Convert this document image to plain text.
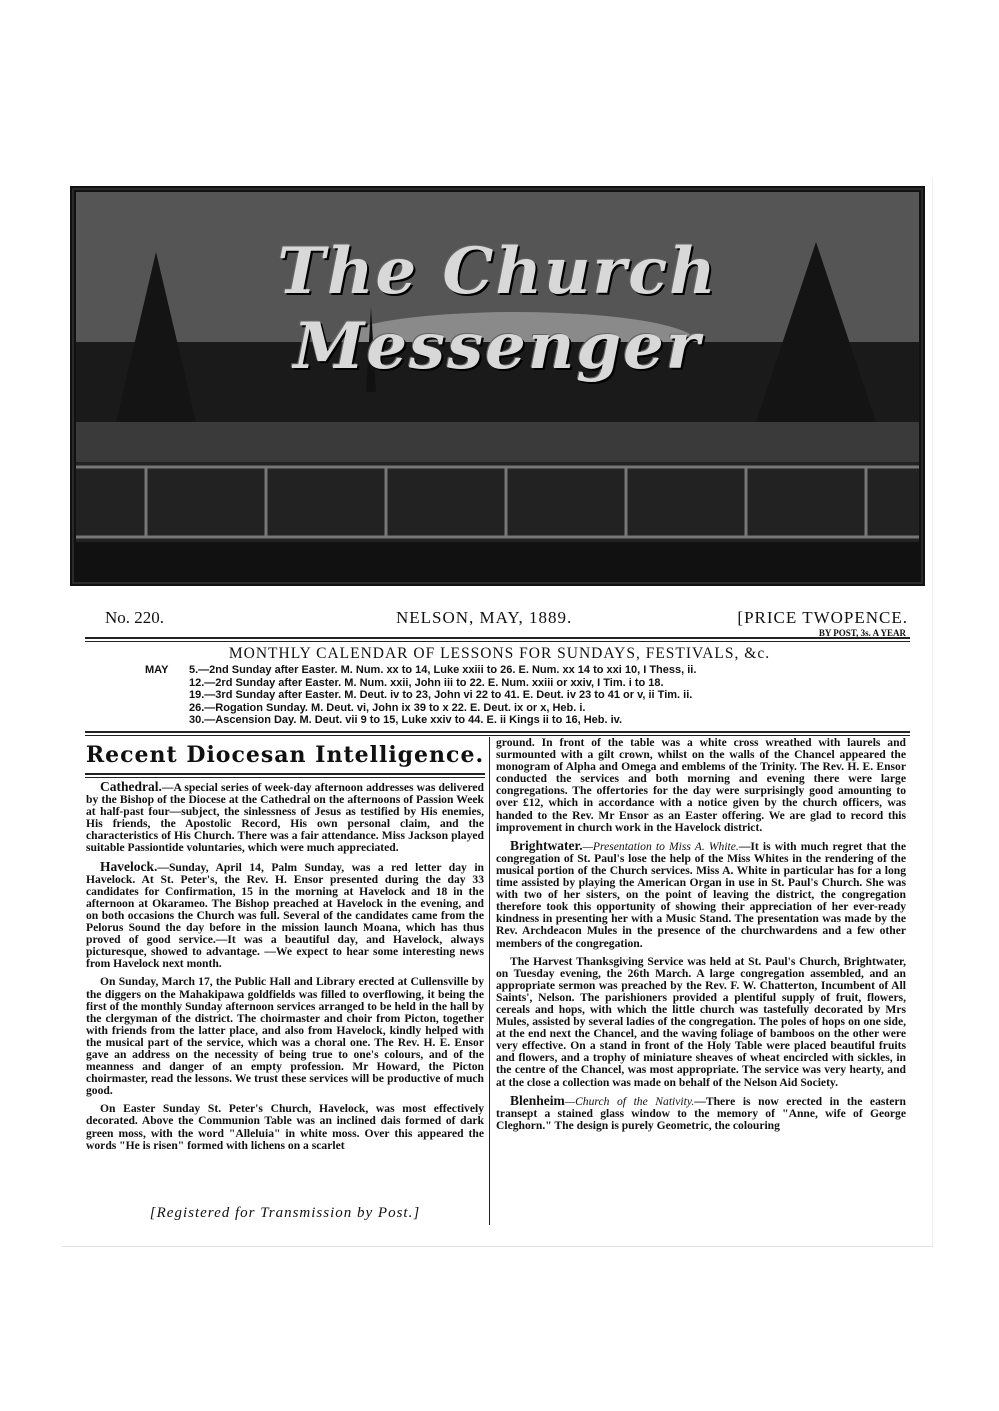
The Church Messenger
No. 220.	NELSON, MAY, 1889.	[PRICE TWOPENCE.
BY POST, 3s. A YEAR
MONTHLY CALENDAR OF LESSONS FOR SUNDAYS, FESTIVALS, &c.
MAY 5.—2nd Sunday after Easter. M. Num. xx to 14, Luke xxiii to 26. E. Num. xx 14 to xxi 10, I Thess, ii.
12.—2rd Sunday after Easter. M. Num. xxii, John iii to 22. E. Num. xxiii or xxiv, I Tim. i to 18.
19.—3rd Sunday after Easter. M. Deut. iv to 23, John vi 22 to 41. E. Deut. iv 23 to 41 or v, ii Tim. ii.
26.—Rogation Sunday. M. Deut. vi, John ix 39 to x 22. E. Deut. ix or x, Heb. i.
30.—Ascension Day. M. Deut. vii 9 to 15, Luke xxiv to 44. E. ii Kings ii to 16, Heb. iv.
Recent Diocesan Intelligence.

Cathedral.—A special series of week-day afternoon addresses was delivered by the Bishop of the Diocese at the Cathedral on the afternoons of Passion Week at half-past four—subject, the sinlessness of Jesus as testified by His enemies, His friends, the Apostolic Record, His own personal claim, and the characteristics of His Church. There was a fair attendance. Miss Jackson played suitable Passiontide voluntaries, which were much appreciated.

Havelock.—Sunday, April 14, Palm Sunday, was a red letter day in Havelock. At St. Peter's, the Rev. H. Ensor presented during the day 33 candidates for Confirmation, 15 in the morning at Havelock and 18 in the afternoon at Okarameo. The Bishop preached at Havelock in the evening, and on both occasions the Church was full. Several of the candidates came from the Pelorus Sound the day before in the mission launch Moana, which has thus proved of good service.—It was a beautiful day, and Havelock, always picturesque, showed to advantage. —We expect to hear some interesting news from Havelock next month.

On Sunday, March 17, the Public Hall and Library erected at Cullensville by the diggers on the Mahakipawa goldfields was filled to overflowing, it being the first of the monthly Sunday afternoon services arranged to be held in the hall by the clergyman of the district. The choirmaster and choir from Picton, together with friends from the latter place, and also from Havelock, kindly helped with the musical part of the service, which was a choral one. The Rev. H. E. Ensor gave an address on the necessity of being true to one's colours, and of the meanness and danger of an empty profession. Mr Howard, the Picton choirmaster, read the lessons. We trust these services will be productive of much good.

On Easter Sunday St. Peter's Church, Havelock, was most effectively decorated. Above the Communion Table was an inclined dais formed of dark green moss, with the word "Alleluia" in white moss. Over this appeared the words "He is risen" formed with lichens on a scarlet

[Registered for Transmission by Post.]

ground. In front of the table was a white cross wreathed with laurels and surmounted with a gilt crown, whilst on the walls of the Chancel appeared the monogram of Alpha and Omega and emblems of the Trinity. The Rev. H. E. Ensor conducted the services and both morning and evening there were large congregations. The offertories for the day were surprisingly good amounting to over £12, which in accordance with a notice given by the church officers, was handed to the Rev. Mr Ensor as an Easter offering. We are glad to record this improvement in church work in the Havelock district.

Brightwater.—Presentation to Miss A. White.—It is with much regret that the congregation of St. Paul's lose the help of the Miss Whites in the rendering of the musical portion of the Church services. Miss A. White in particular has for a long time assisted by playing the American Organ in use in St. Paul's Church. She was with two of her sisters, on the point of leaving the district, the congregation therefore took this opportunity of showing their appreciation of her ever-ready kindness in presenting her with a Music Stand. The presentation was made by the Rev. Archdeacon Mules in the presence of the churchwardens and a few other members of the congregation.

The Harvest Thanksgiving Service was held at St. Paul's Church, Brightwater, on Tuesday evening, the 26th March. A large congregation assembled, and an appropriate sermon was preached by the Rev. F. W. Chatterton, Incumbent of All Saints', Nelson. The parishioners provided a plentiful supply of fruit, flowers, cereals and hops, with which the little church was tastefully decorated by Mrs Mules, assisted by several ladies of the congregation. The poles of hops on one side, at the end next the Chancel, and the waving foliage of bamboos on the other were very effective. On a stand in front of the Holy Table were placed beautiful fruits and flowers, and a trophy of miniature sheaves of wheat encircled with sickles, in the centre of the Chancel, was most appropriate. The service was very hearty, and at the close a collection was made on behalf of the Nelson Aid Society.

Blenheim—Church of the Nativity.—There is now erected in the eastern transept a stained glass window to the memory of "Anne, wife of George Cleghorn." The design is purely Geometric, the colouring
